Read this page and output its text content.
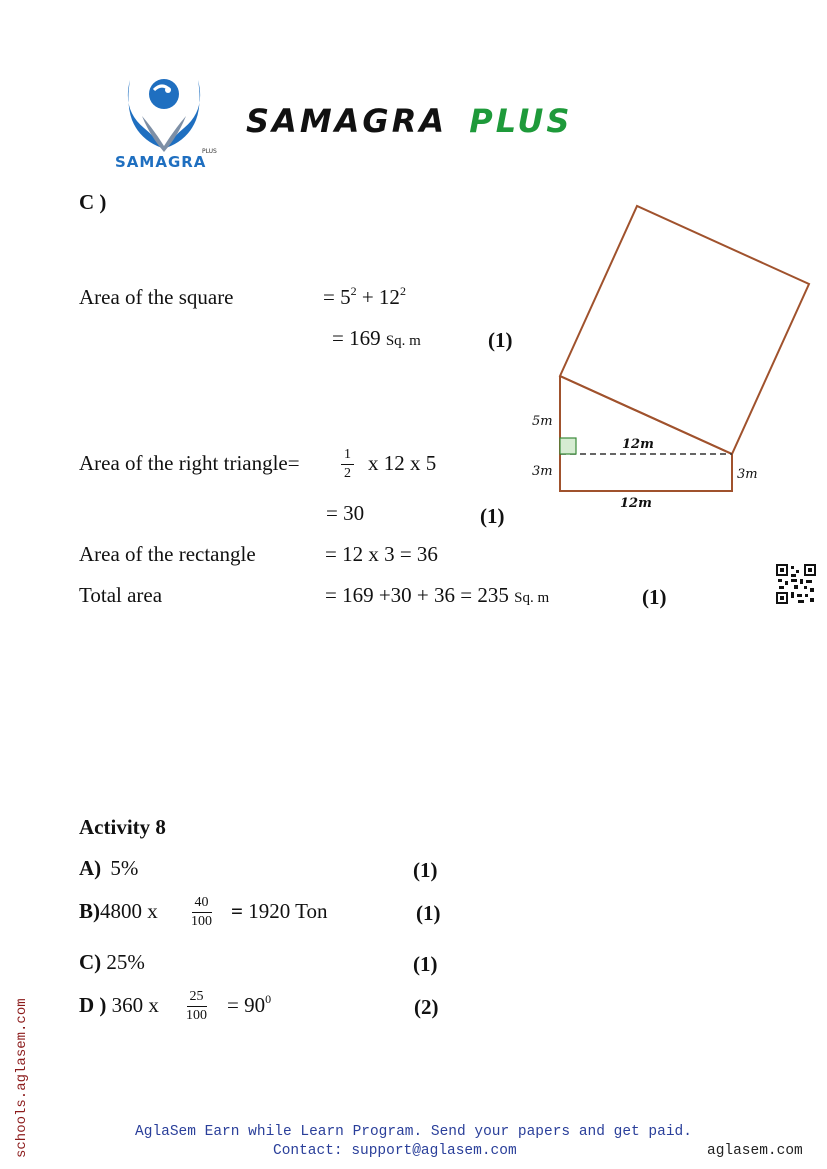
PLUS
SAMAGRA
SAMAGRA PLUS
C )
Area of the square	= $5^2 + 12^2$
= 169 Sq. m	(1)
Area of the right triangle=	$\frac{1}{2}$ x 12 x 5
= 30	(1)
Area of the rectangle	= 12 x 3 = 36
Total area	= 169 +30 + 36 = 235 Sq. m	(1)
5m
3m
12m
12m
3m
Activity 8
A) 5%	(1)
B)4800 x $\frac{40}{100} = 1920$ Ton	(1)
C) 25%	(1)
D ) 360 x $\frac{25}{100} = 90^0$	(2)
schools.aglasem.com	AglaSem Earn while Learn Program. Send your papers and get paid.
Contact: support@aglasem.com	aglasem.com
